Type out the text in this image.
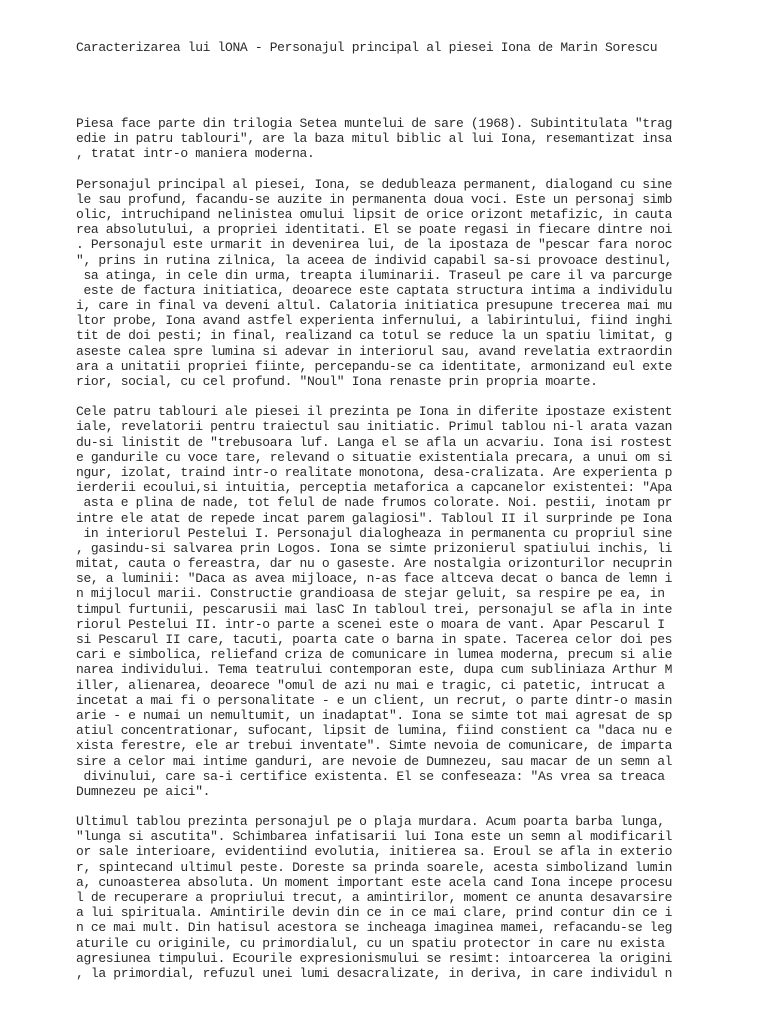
Caracterizarea lui lONA - Personajul principal al piesei Iona de Marin Sorescu

Piesa face parte din trilogia Setea muntelui de sare (1968). Subintitulata "trag
edie in patru tablouri", are la baza mitul biblic al lui Iona, resemantizat insa
, tratat intr-o maniera moderna.
Personajul principal al piesei, Iona, se dedubleaza permanent, dialogand cu sine
le sau profund, facandu-se auzite in permanenta doua voci. Este un personaj simb
olic, intruchipand nelinistea omului lipsit de orice orizont metafizic, in cauta
rea absolutului, a propriei identitati. El se poate regasi in fiecare dintre noi
. Personajul este urmarit in devenirea lui, de la ipostaza de "pescar fara noroc
", prins in rutina zilnica, la aceea de individ capabil sa-si provoace destinul,
sa atinga, in cele din urma, treapta iluminarii. Traseul pe care il va parcurge
este de factura initiatica, deoarece este captata structura intima a individulu
i, care in final va deveni altul. Calatoria initiatica presupune trecerea mai mu
ltor probe, Iona avand astfel experienta infernului, a labirintului, fiind inghi
tit de doi pesti; in final, realizand ca totul se reduce la un spatiu limitat, g
aseste calea spre lumina si adevar in interiorul sau, avand revelatia extraordin
ara a unitatii propriei fiinte, percepandu-se ca identitate, armonizand eul exte
rior, social, cu cel profund. "Noul" Iona renaste prin propria moarte.
Cele patru tablouri ale piesei il prezinta pe Iona in diferite ipostaze existent
iale, revelatorii pentru traiectul sau initiatic. Primul tablou ni-l arata vazan
du-si linistit de "trebusoara luf. Langa el se afla un acvariu. Iona isi rostest
e gandurile cu voce tare, relevand o situatie existentiala precara, a unui om si
ngur, izolat, traind intr-o realitate monotona, desa-cralizata. Are experienta p
ierderii ecoului,si intuitia, perceptia metaforica a capcanelor existentei: "Apa
asta e plina de nade, tot felul de nade frumos colorate. Noi. pestii, inotam pr
intre ele atat de repede incat parem galagiosi". Tabloul II il surprinde pe Iona
in interiorul Pestelui I. Personajul dialogheaza in permanenta cu propriul sine
, gasindu-si salvarea prin Logos. Iona se simte prizonierul spatiului inchis, li
mitat, cauta o fereastra, dar nu o gaseste. Are nostalgia orizonturilor necuprin
se, a luminii: "Daca as avea mijloace, n-as face altceva decat o banca de lemn i
n mijlocul marii. Constructie grandioasa de stejar geluit, sa respire pe ea, in
timpul furtunii, pescarusii mai lasC In tabloul trei, personajul se afla in inte
riorul Pestelui II. intr-o parte a scenei este o moara de vant. Apar Pescarul I
si Pescarul II care, tacuti, poarta cate o barna in spate. Tacerea celor doi pes
cari e simbolica, reliefand criza de comunicare in lumea moderna, precum si alie
narea individului. Tema teatrului contemporan este, dupa cum subliniaza Arthur M
iller, alienarea, deoarece "omul de azi nu mai e tragic, ci patetic, intrucat a
incetat a mai fi o personalitate - e un client, un recrut, o parte dintr-o masin
arie - e numai un nemultumit, un inadaptat". Iona se simte tot mai agresat de sp
atiul concentrationar, sufocant, lipsit de lumina, fiind constient ca "daca nu e
xista ferestre, ele ar trebui inventate". Simte nevoia de comunicare, de imparta
sire a celor mai intime ganduri, are nevoie de Dumnezeu, sau macar de un semn al
divinului, care sa-i certifice existenta. El se confeseaza: "As vrea sa treaca
Dumnezeu pe aici".
Ultimul tablou prezinta personajul pe o plaja murdara. Acum poarta barba lunga,
"lunga si ascutita". Schimbarea infatisarii lui Iona este un semn al modificaril
or sale interioare, evidentiind evolutia, initierea sa. Eroul se afla in exterio
r, spintecand ultimul peste. Doreste sa prinda soarele, acesta simbolizand lumin
a, cunoasterea absoluta. Un moment important este acela cand Iona incepe procesu
l de recuperare a propriului trecut, a amintirilor, moment ce anunta desavarsire
a lui spirituala. Amintirile devin din ce in ce mai clare, prind contur din ce i
n ce mai mult. Din hatisul acestora se incheaga imaginea mamei, refacandu-se leg
aturile cu originile, cu primordialul, cu un spatiu protector in care nu exista
agresiunea timpului. Ecourile expresionismului se resimt: intoarcerea la origini
, la primordial, refuzul unei lumi desacralizate, in deriva, in care individul n
